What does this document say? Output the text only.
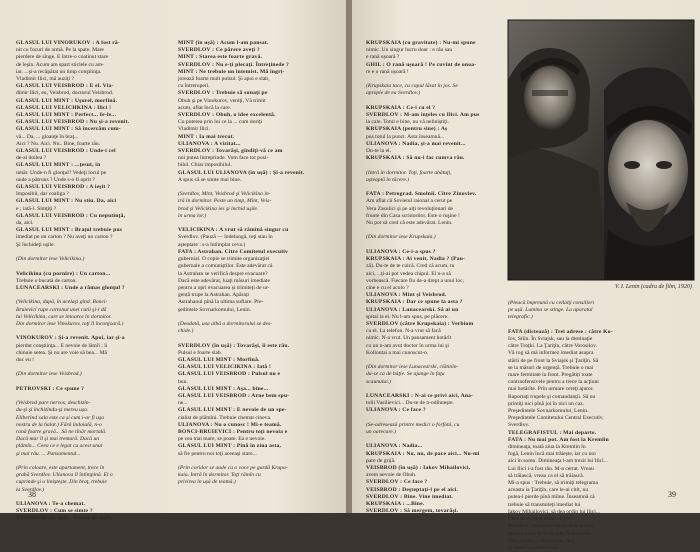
GLASUL LUI VINORUKOV : A fost ră-

nit cu focuri de armă. Pe la spate. Mare

pierdere de sînge. E între-o coatinut stare

de leşin. Acum am spart sticlele cu am-

iar. ...şi-a recăpătat un timp conştiinţa.

Vladimir Ilici, mă auziţi ?

GLASUL LUI VEISBROD : E el. Vla-

dimir Ilici, eu, Veisbrod, doctorul Veisbrod.

GLASUL LUI MINT : Uşurel, morfină.

GLASUL LUI VELICHKINA : Ilici !

GLASUL LUI MINT : Perfect... Ie-le...

GLASUL LUI VEISBROD : Nu şi-a revenit.

GLASUL LUI MINT : Să încercăm cum-

vă... Da, ... gloanţe în braţ...

Aici ? Nu. Aici. Nu.. Bine, foarte rău.

GLASUL LUI VEISBROD : Unde-i cel

de-al doilea ?

GLASUL LUI MINT : ...ţesut, în

umăr. Unde-n fi glonţul? Vedeţi locul pe

unde a pătruns ? Unde s-o fi oprit ?

GLASUL LUI VEISBROD : A ieşit ?

Imposibil, dar coaliga ?

GLASUL LUI MINT : Nu stiu. Da, aici

e ; iată-l. Simţiţi ?

GLASUL LUI VEISBROD : Cu neputinţă,

da, aici.

GLASUL LUI MINT : Braţul trebuie pus

imediat pe un carton ? Nu aveţi un carton ?

Şi închideţi uşile.

(Din dormitor iese Velicikina.)

Velicikina (cu pornire) : Un carton...

Trebuie o bucată de carton.

LUNACEARSKI : Unde a rămas glonţul ?

(Velicikina, după, în acelaşi gînd. Bonci-

Bruievici rupe cartonul unei cutii şi-l dă

lui Velicikina, care se întoarce în dormitor.

Din dormitor iese Vinokurov, toţi îl înconjoară.)

VINOKUROV : Şi-a revenit. Apoi, iar şi-a

pierdut conştiinţa... E nevoie de lămîi ; îi

chinuie setea. Şi nu are voie să bea... Mă

duc eu !

(Din dormitor iese Veisbrod.)

PETROVSKI : Ce spune ?

(Veisbrod pare nervos, deschizîn-

du-şi şi închizîndu-şi mereu ușa.

Eliberînd sala este ca și cum i-ar fi uşa

nostru de la halat.) Fără îndoială, n-o

rană foarte gravă... Să ne tînăr mortală.

Dacă mar îl şi mai tremură. Dacă un

plămîn... Ceea ce e legat cu acest unul

şi mai rău. ... Pansamentul...

(Prin coloare, este apartament, trece în

grabă Sverdlov. Ulianova îl întîmpină. El o

cuprinde şi o liniştește. Din braţ, trebuie

la Sverdlov.)

ULIANOVA : Te-a chemat.

SVERDLOV : Cum se simte ?

VEISBROD (în uşă) : Starea de leşin.

MINT (în uşă) : Acum l-am pansat.

SVERDLOV : Ce părere aveţi ?

MINT : Starea este foarte gravă.

SVERDLOV : Nu e-ţi plecaţi. Întreţinede ?

MINT : Ne trebuie un intemist. Mă îngri-

jorează foarte mult pulsul. Şi apoi e slab,

cu întreruperi.

SVERDLOV : Trebuie să sunaţi pe

Obuh şi pe Vinokurov, veniţi, Vă trimit

acum, aflat încă la care.

SVERDLOV : Obuh, o idee excelentă.

Cu puterea prin lui ce la ... cum doriţi

Vladimir Ilici.

MINT : Ia mai trecut.

ULIANOVA : A vizitat...

SVERDLOV : Tovarăşi, gîndiţi-vă ce am

noi putea întreprinde. Vom face tot posi-

bilul. Chiar imposibilul.

GLASUL LUI ULIANOVA (în uşă) : Şi-a revenit.

A spus că se simte mai bine.

(Sverdlov, Mint, Veisbrod şi Velicikina in-

tră în dormitor. Peste un timp, Mint, Veis-

brod şi Velicikina ies şi închid uşile.

în urma lor.)

VELICIKINA : A vrut să rămînă singur cu

Sverdlov. (Pauză — îndelungă, toţi stau în

aşteptare : s-a întîmplat ceva.)

FATA : Astrahan. Cître Comitetul executiv

gubernial. O copie se trimite organizaţiei

gubernale a comuniştilor. Este adevărat că

la Astrahan se verifică despre evacuare?

Dacă este adevărat, luaţi măsuri imediate

pentru a opri evacuarea și trimiteți de ur-

gență trupe la Astrahan. Apărați

Astrahanul pînă la ultima suflare. Pre-

şedintele Sovnarkomului, Lenin.

(Deodată, usa albă a dormitorului se des-

chide.)

SVERDLOV (în uşă) : Tovarăşi, îi este rău.

Pulsul e foarte slab.

GLASUL LUI MINT : Morfină.

GLASUL LUI VELICIKINA : Iată !

GLASUL LUI VEISBROD : Pulsul nu e

bun.

GLASUL LUI MINT : Aşa... bine...

GLASUL LUI VEISBROD : Arne bem spu-

ne...

GLASUL LUI MINT : E nevoie de un spe-

cialist de plămîni. Trebuie chemat cineva.

ULIANOVA : Nu o cunosc ! Mi-e teamă.

BONCI-BRUIEVICI : Pentru toţi nevoia e

pe cea mai mare, se poate. Ea e nevoie.

GLASUL LUI MINT : Pînă în ziua asta,

să fie pentru noi toţi aceeaşi stare...

(Prin coridor se aude ca o voce pe gardă Krupa-

kaia. Intră în dormitor. Toţi rămîn cu

privirea în ușă de teamă.)

38

KRUPSKAIA (cu gravitate) : Nu-mi spune

nimic. Un singur lucru doar : e rău sau

e rană ușoară ?

GHIL : O rană ușoară ! Pe cuvînt de onoa-

re e o rană ușoară !

(Krupskaia tace, cu capul lăsat în jos. Se

apropie de ea Sverdlov.)

KRUPSKAIA : Ce-i cu el ?

SVERDLOV : M-am înţeles cu Ilici. Am pus

la cale. Totul e bine, nu vă neliniştiţi.

KRUPSKAIA (pentru sine) : Aș

pus totul la punct. Asta înseamnă...

ULIANOVA : Nadia, şi-a mai revenit...

Du-te la el.

KRUPSKAIA : Să nu-i fac cumva rău.

(Intră în dormitor. Toţi, foarte abătuţi,

așteaptă în tăcere.)

FATA : Petrograd. Smolnîi. Cître Zinoviev.

Am aflat că Sovietul raional a cerut pe

Vera Zasulici şi pe alţi revoluţionari de

frunte din Casa scriitorilor. Este o ruşine !

Nu pot să cred că este adevărat. Lenin.

(Din dormitor iese Krupskaia.)

ULIANOVA : Ce-i-a spus ?

KRUPSKAIA : Ai venit, Nadia ? (Pau-

ză). Du-te de te culcă. Cred că acum, tu

aici, ...ţi-ai pot vedea chipul. El n-a să

vorbească. Fiecare fiu de-a drept a unui loc,

cine e cu el acolo ?

ULIANOVA : Mint şi Veisbrod.

KRUPSKAIA : Dar ce spune la asta ?

ULIANOVA : Lunacearski. Să ai un

spital la el. Nu l-am spus, pe plăcere.

SVERDLOV (către Krupskaia) : Verbiom

cu el. La telefon. N-a vrut să facă

nimic. N-a vrut. Un pansament hotărît

cu un n-am avut doctor în urma lui şi

Kollontai a mai cunoscut-o.

(Din dormitor iese Lunacearski, clătinîn-

du-se ca de băţie. Se ajunge în faţa

scaunului.)

LUNACEARSKI : N-ai ce privi aici, Ana-

tolii Vasilievici... Du-te de n-odihnește.

ULIANOVA : Ce face ?

(Se-adresează printre medici o forfotă, cu

un oarecare.)

ULIANOVA : Nadia...

KRUPSKAIA : Nu, nu, de pace aici... Nu-mi

pare de grijă.

VEISBROD (în uşă) : Iakov Mihailovici,

avem nevoie de Obuh.

SVERDLOV : Ce face ?

VEISBROD : Deşteptați-l pe el aici.

SVERDLOV : Bine. Vine imediat.

KRUPSKAIA : ...Bine.

SVERDLOV : Să mergem, tovarăşi.

(Pleacă împreună cu ceilalţi consilieri

pe ușă. Lumina se stinge. La aparatul

telegrafic.)

FATA (dictează) : Trei adrese : către Ko-

Iov, Stîin. În Sviajsk, sau la destinaţie

către Troţki. La Ţariţîn, către Vorosilov.

Vă rog să mă informez imediat asupra

stării de pe front la Sviajsk şi Ţariţîn. Să

se ia măsuri de urgență. Trebuie o mai

mare fermitate la front. Pregătiți toate

contraofensivele pentru a trece la acţiuni

mai hotărîte. Prin urmare cereţi ajutor.

Raportaţi trupele şi comandanții. Să nu

primiţi nici pînă joi în nici un caz.

Preşedintele Sovnarkomului, Lenin.

Preşedintele Comitetului Central Executiv,

Sverdlov.

TELEGRAFISTUL : Mai departe.

FATA : Nu mai pot. Am fost la Kremlin

dimineaţa, toată ziua la Kremlin în

fugă, Lenin încă mai trăiește, iar cu noi

aici în somn. Dimineaţa l-am trezit lui Ilici...

Lui Ilici i-a fost rău. M-a certat. Vreau

să trăiască, vreau ca el să trăiască.

Mi-a spus : Trebuie, să trimiţi telegrama

aceasta la Ţariţîn, care le-ai citit, nu

putea-l pierde pînă mîine. Înseamnă că

trebuie să transmiteți imediat lui

Iakov Mihailovici, să dea ordin lui Ilici...

Cître tu ce să-ţi spun... Bine

Sverdlov : transmite tot ce le-ai primit

pînă la 5 sau în la noapte, la Kremlin.

Mai departe,... Ekaterina, nici

la ceasul plutonierului.

39
V. I. Lenin (cadru de film, 1920)
